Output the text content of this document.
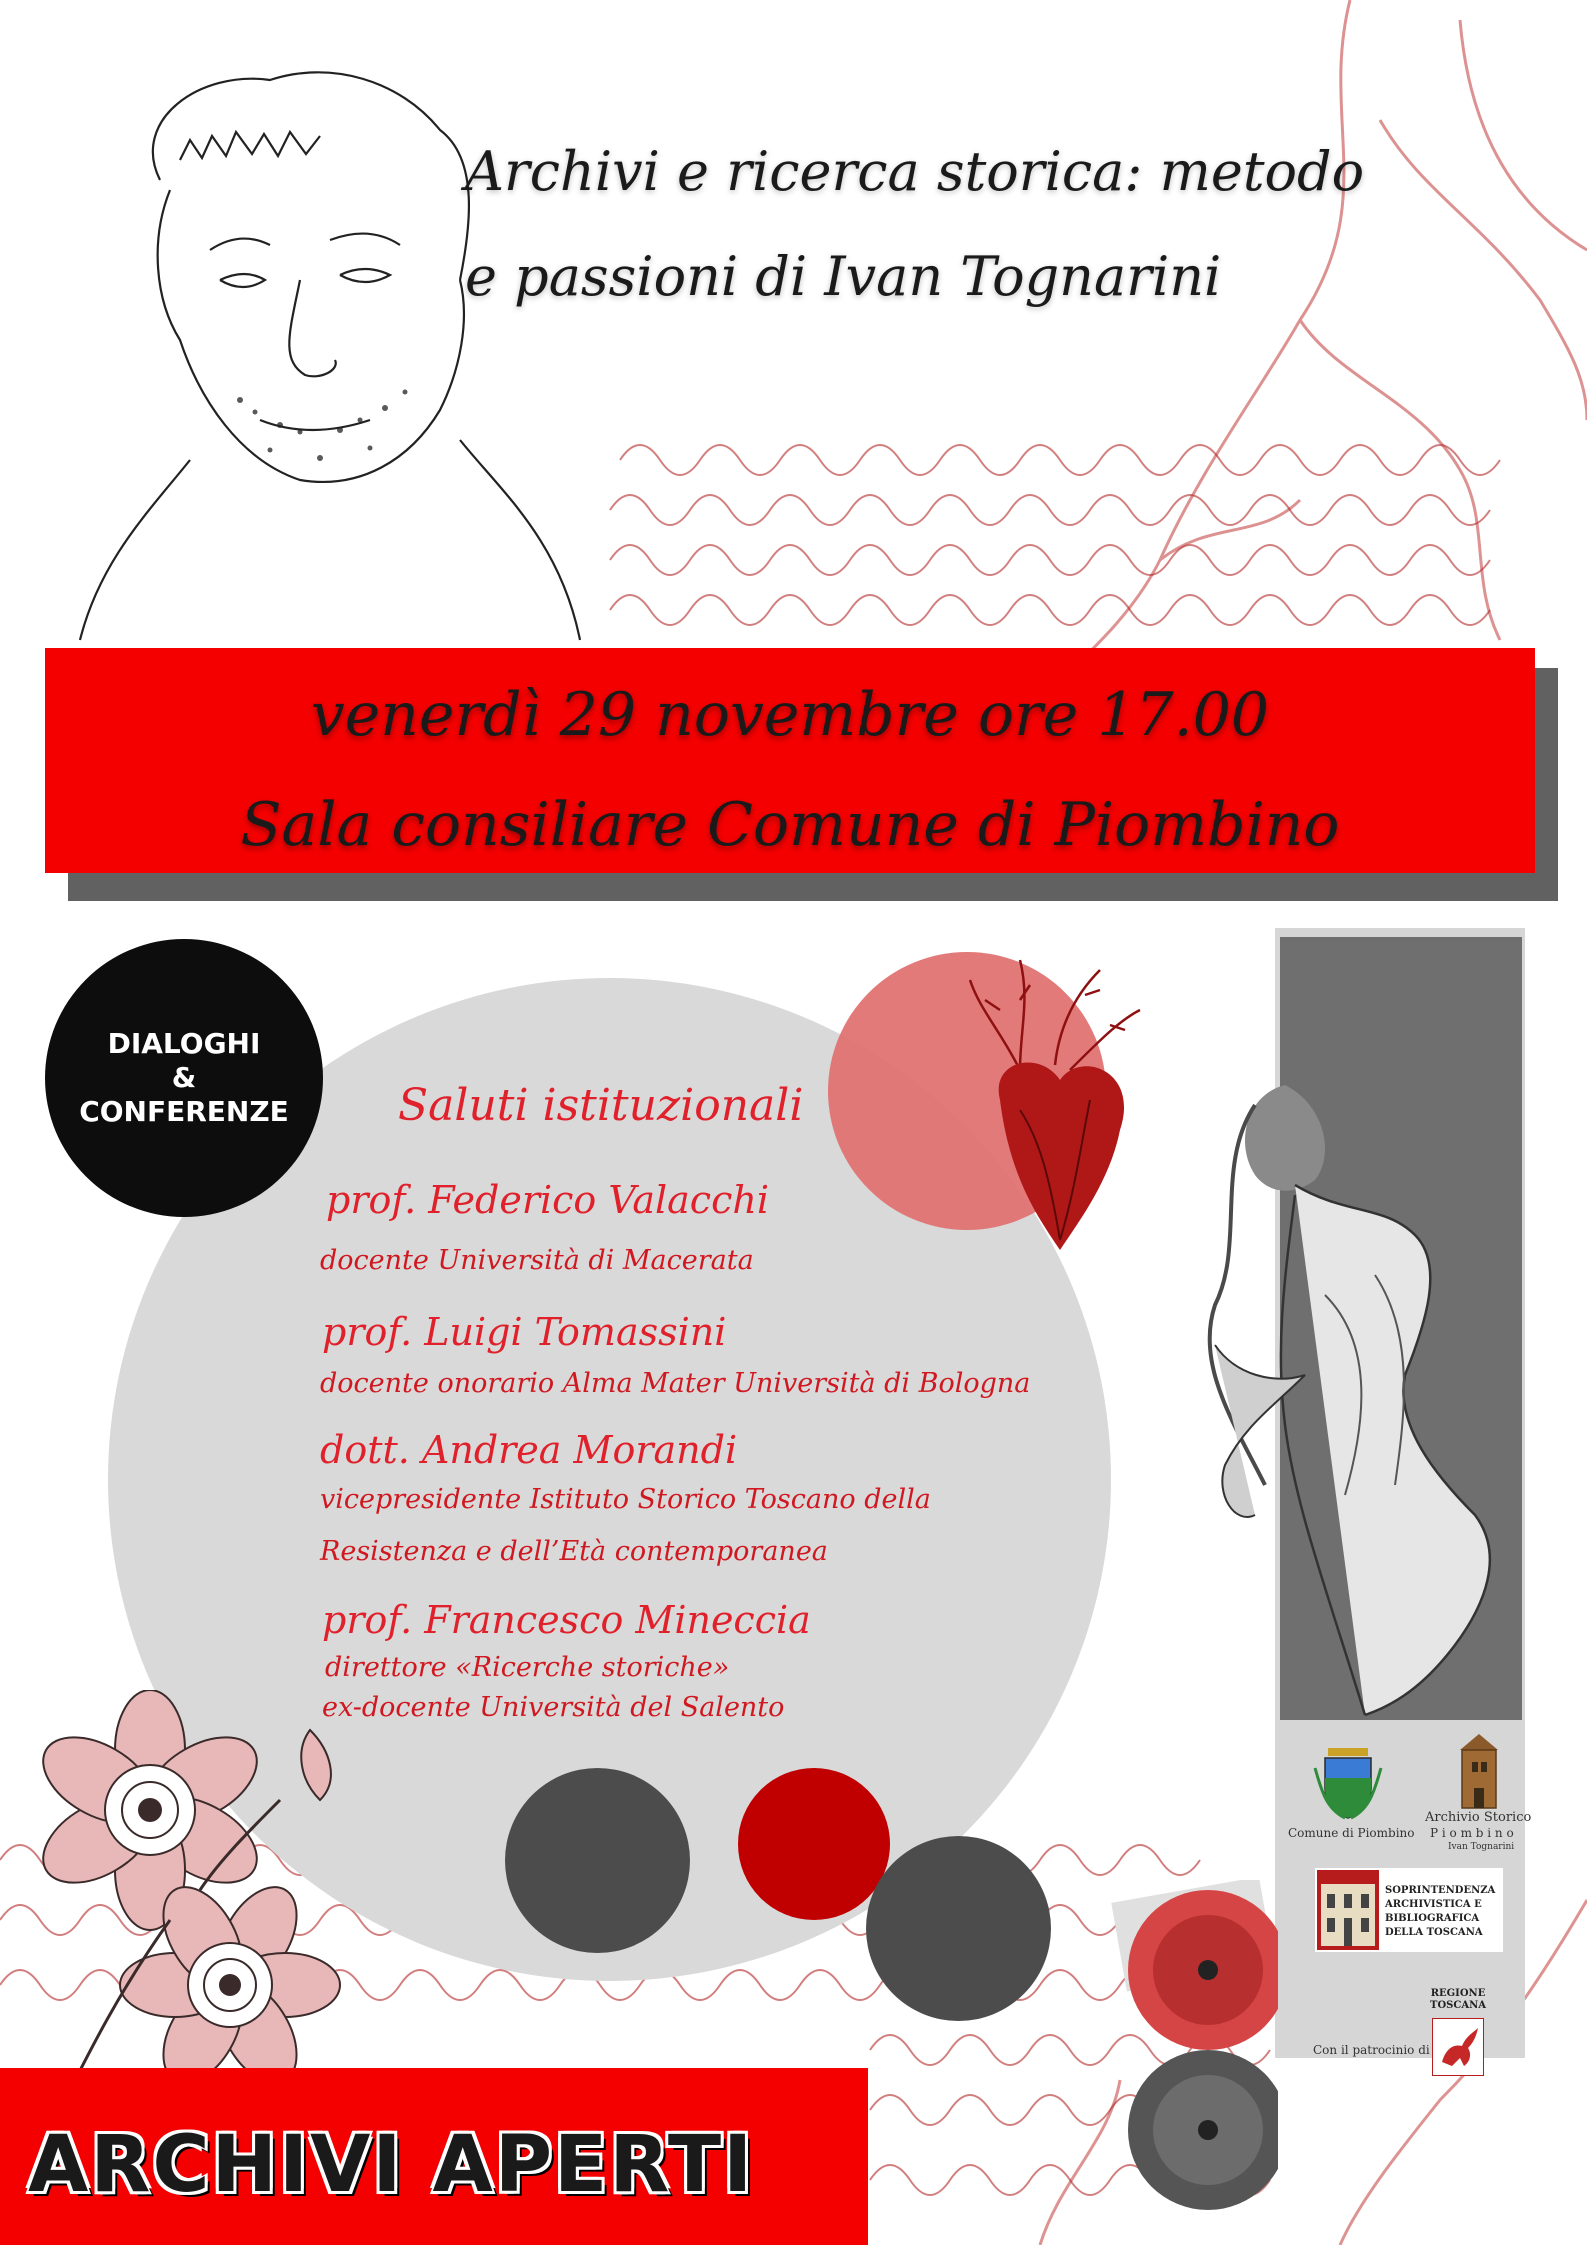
Archivi e ricerca storica: metodo
e passioni di Ivan Tognarini
venerdì 29 novembre ore 17.00
Sala consiliare Comune di Piombino
DIALOGHI
&
CONFERENZE	Saluti istituzionali
prof. Federico Valacchi
docente Università di Macerata
prof. Luigi Tomassini
docente onorario Alma Mater Università di Bologna
dott. Andrea Morandi
vicepresidente Istituto Storico Toscano della
Resistenza e dell’Età contemporanea
prof. Francesco Mineccia
direttore «Ricerche storiche»
ex-docente Università del Salento
Comune di Piombino
Archivio Storico
P i o m b i n o
Ivan Tognarini
SOPRINTENDENZA
ARCHIVISTICA E
BIBLIOGRAFICA
DELLA TOSCANA
REGIONE
TOSCANA
Con il patrocinio di
ARCHIVI APERTI
